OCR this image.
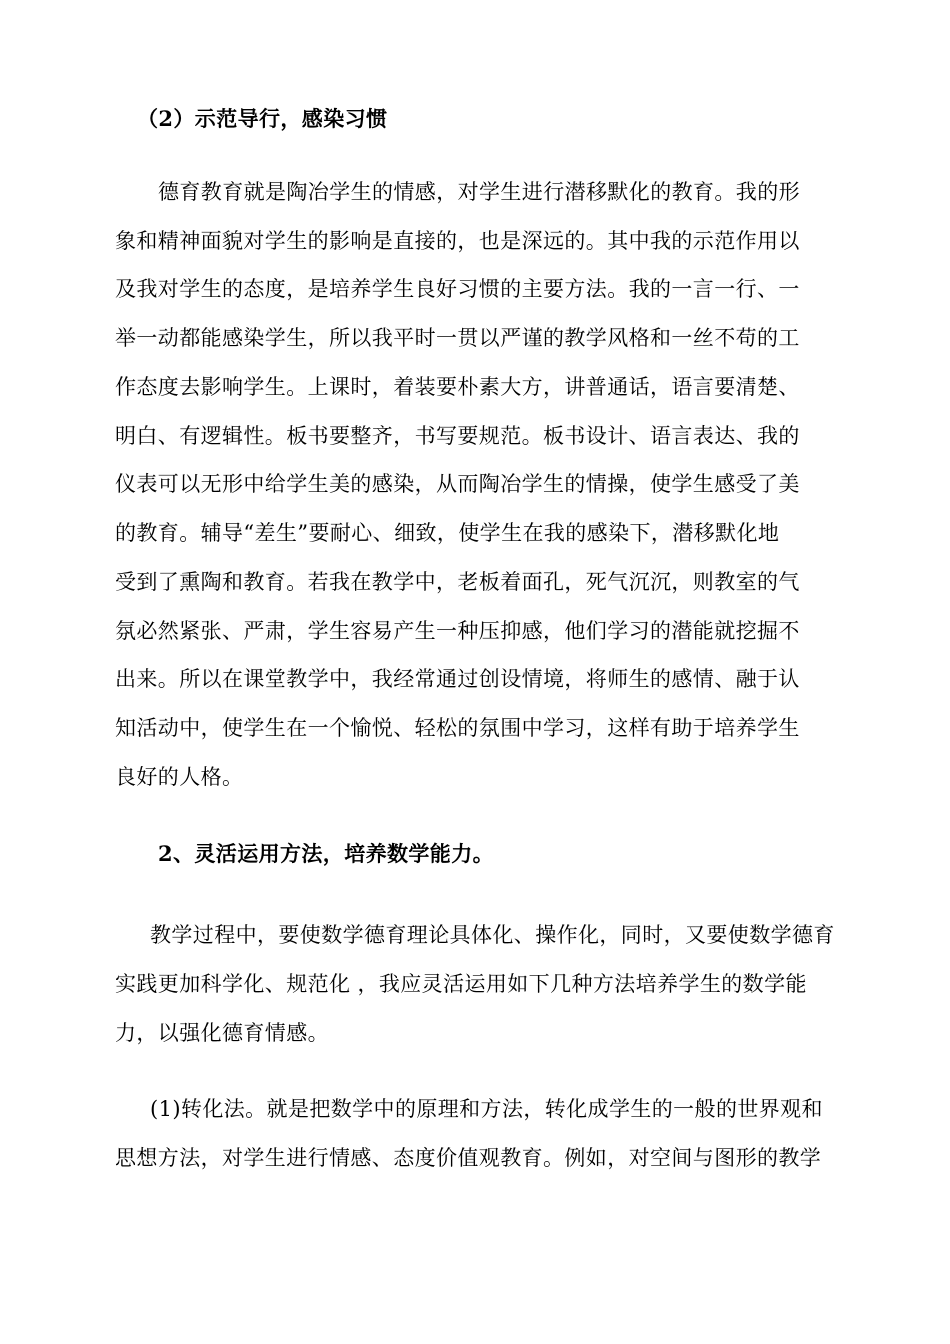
（2）示范导行，感染习惯
德育教育就是陶冶学生的情感，对学生进行潜移默化的教育。我的形
象和精神面貌对学生的影响是直接的，也是深远的。其中我的示范作用以
及我对学生的态度，是培养学生良好习惯的主要方法。我的一言一行、一
举一动都能感染学生，所以我平时一贯以严谨的教学风格和一丝不苟的工
作态度去影响学生。上课时，着装要朴素大方，讲普通话，语言要清楚、
明白、有逻辑性。板书要整齐，书写要规范。板书设计、语言表达、我的
仪表可以无形中给学生美的感染，从而陶冶学生的情操，使学生感受了美
的教育。辅导“差生”要耐心、细致，使学生在我的感染下，潜移默化地
受到了熏陶和教育。若我在教学中，老板着面孔，死气沉沉，则教室的气
氛必然紧张、严肃，学生容易产生一种压抑感，他们学习的潜能就挖掘不
出来。所以在课堂教学中，我经常通过创设情境，将师生的感情、融于认
知活动中，使学生在一个愉悦、轻松的氛围中学习，这样有助于培养学生
良好的人格。
2、灵活运用方法，培养数学能力。
教学过程中，要使数学德育理论具体化、操作化，同时，又要使数学德育
实践更加科学化、规范化 ，我应灵活运用如下几种方法培养学生的数学能
力，以强化德育情感。
(1)转化法。就是把数学中的原理和方法，转化成学生的一般的世界观和
思想方法，对学生进行情感、态度价值观教育。例如，对空间与图形的教学
